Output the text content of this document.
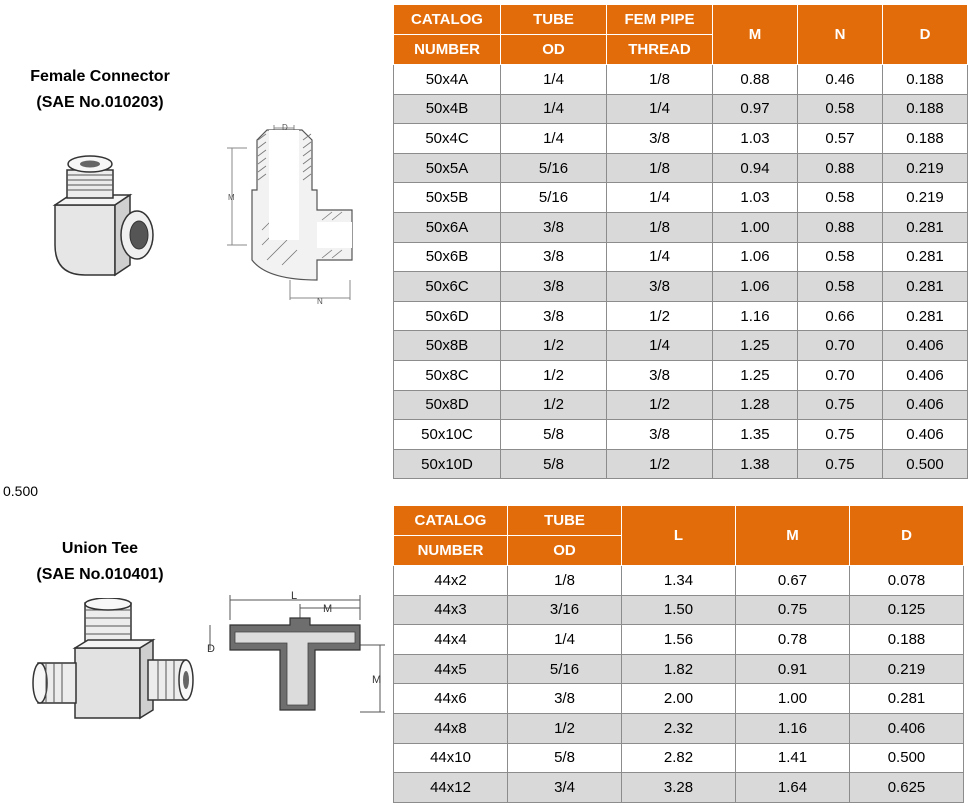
Female Connector
(SAE No.010203)
D
M
N
CATALOG	TUBE	FEM PIPE	M	N	D
NUMBER	OD	THREAD			
50x4A	1/4	1/8	0.88	0.46	0.188
50x4B	1/4	1/4	0.97	0.58	0.188
50x4C	1/4	3/8	1.03	0.57	0.188
50x5A	5/16	1/8	0.94	0.88	0.219
50x5B	5/16	1/4	1.03	0.58	0.219
50x6A	3/8	1/8	1.00	0.88	0.281
50x6B	3/8	1/4	1.06	0.58	0.281
50x6C	3/8	3/8	1.06	0.58	0.281
50x6D	3/8	1/2	1.16	0.66	0.281
50x8B	1/2	1/4	1.25	0.70	0.406
50x8C	1/2	3/8	1.25	0.70	0.406
50x8D	1/2	1/2	1.28	0.75	0.406
50x10C	5/8	3/8	1.35	0.75	0.406
50x10D	5/8	1/2	1.38	0.75	0.500
0.500
Union Tee
(SAE No.010401)
L
M
D
M
CATALOG	TUBE	L	M	D
NUMBER	OD			
44x2	1/8	1.34	0.67	0.078
44x3	3/16	1.50	0.75	0.125
44x4	1/4	1.56	0.78	0.188
44x5	5/16	1.82	0.91	0.219
44x6	3/8	2.00	1.00	0.281
44x8	1/2	2.32	1.16	0.406
44x10	5/8	2.82	1.41	0.500
44x12	3/4	3.28	1.64	0.625
